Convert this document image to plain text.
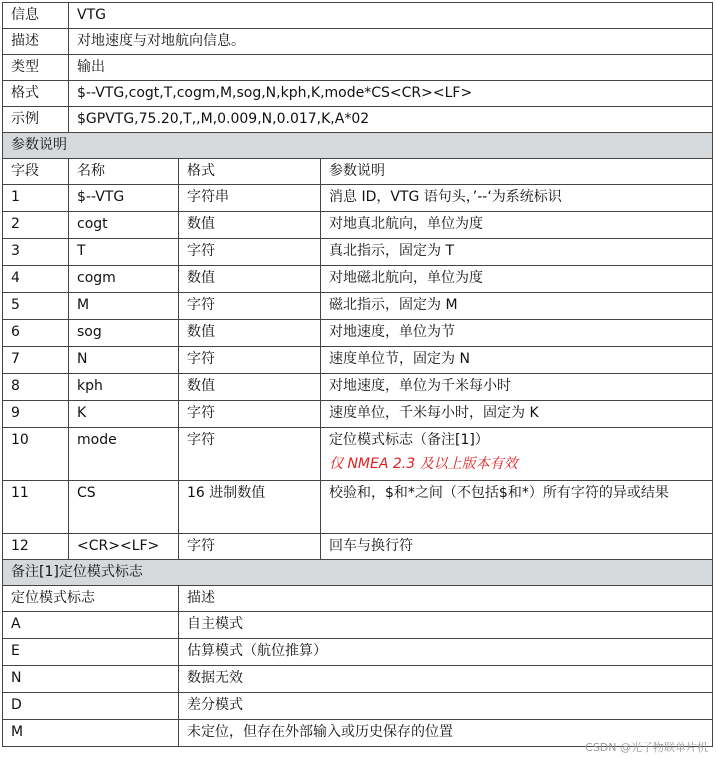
信息	VTG		
描述	对地速度与对地航向信息。		
类型	输出		
格式	$--VTG,cogt,T,cogm,M,sog,N,kph,K,mode*CS<CR><LF>		
示例	$GPVTG,75.20,T,,M,0.009,N,0.017,K,A*02		
参数说明			
字段	名称	格式	参数说明
1	$--VTG	字符串	消息 ID，VTG 语句头，’--‘为系统标识
2	cogt	数值	对地真北航向，单位为度
3	T	字符	真北指示，固定为 T
4	cogm	数值	对地磁北航向，单位为度
5	M	字符	磁北指示，固定为 M
6	sog	数值	对地速度，单位为节
7	N	字符	速度单位节，固定为 N
8	kph	数值	对地速度，单位为千米每小时
9	K	字符	速度单位，千米每小时，固定为 K
10	mode	字符	定位模式标志（备注[1]）
仅 NMEA 2.3 及以上版本有效

11	CS	16 进制数值	校验和，$和*之间（不包括$和*）所有字符的异或结果
12	<CR><LF>	字符	回车与换行符
备注[1]定位模式标志			
定位模式标志		描述	
A		自主模式	
E		估算模式（航位推算）	
N		数据无效	
D		差分模式	
M		未定位，但存在外部输入或历史保存的位置	
CSDN @光子物联单片机
